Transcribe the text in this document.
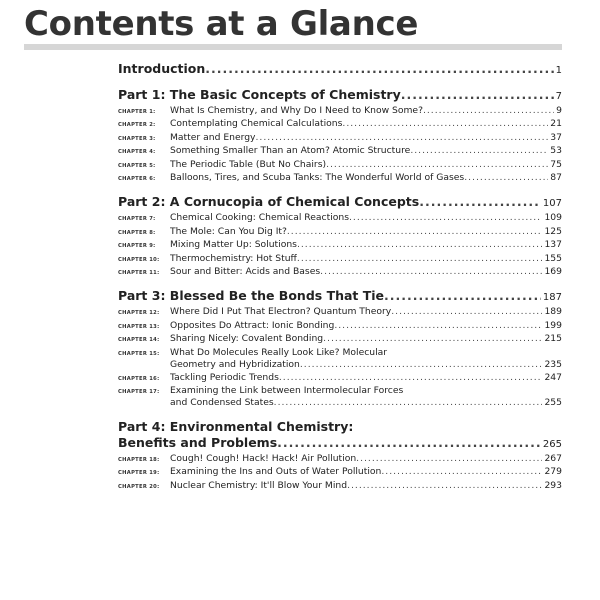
Contents at a Glance
Introduction .....	1
Part 1: The Basic Concepts of Chemistry .....	7
CHAPTER 1:	What Is Chemistry, and Why Do I Need to Know Some? .....	9
CHAPTER 2:	Contemplating Chemical Calculations .....	21
CHAPTER 3:	Matter and Energy .....	37
CHAPTER 4:	Something Smaller Than an Atom? Atomic Structure .....	53
CHAPTER 5:	The Periodic Table (But No Chairs) .....	75
CHAPTER 6:	Balloons, Tires, and Scuba Tanks: The Wonderful World of Gases .....	87
Part 2: A Cornucopia of Chemical Concepts .....	107
CHAPTER 7:	Chemical Cooking: Chemical Reactions .....	109
CHAPTER 8:	The Mole: Can You Dig It? .....	125
CHAPTER 9:	Mixing Matter Up: Solutions .....	137
CHAPTER 10:	Thermochemistry: Hot Stuff .....	155
CHAPTER 11:	Sour and Bitter: Acids and Bases .....	169
Part 3: Blessed Be the Bonds That Tie .....	187
CHAPTER 12:	Where Did I Put That Electron? Quantum Theory .....	189
CHAPTER 13:	Opposites Do Attract: Ionic Bonding .....	199
CHAPTER 14:	Sharing Nicely: Covalent Bonding .....	215
CHAPTER 15:	What Do Molecules Really Look Like? Molecular
Geometry and Hybridization .....	235
CHAPTER 16:	Tackling Periodic Trends .....	247
CHAPTER 17:	Examining the Link between Intermolecular Forces
and Condensed States .....	255
Part 4: Environmental Chemistry:
Benefits and Problems .....	265
CHAPTER 18:	Cough! Cough! Hack! Hack! Air Pollution .....	267
CHAPTER 19:	Examining the Ins and Outs of Water Pollution .....	279
CHAPTER 20:	Nuclear Chemistry: It'll Blow Your Mind .....	293
